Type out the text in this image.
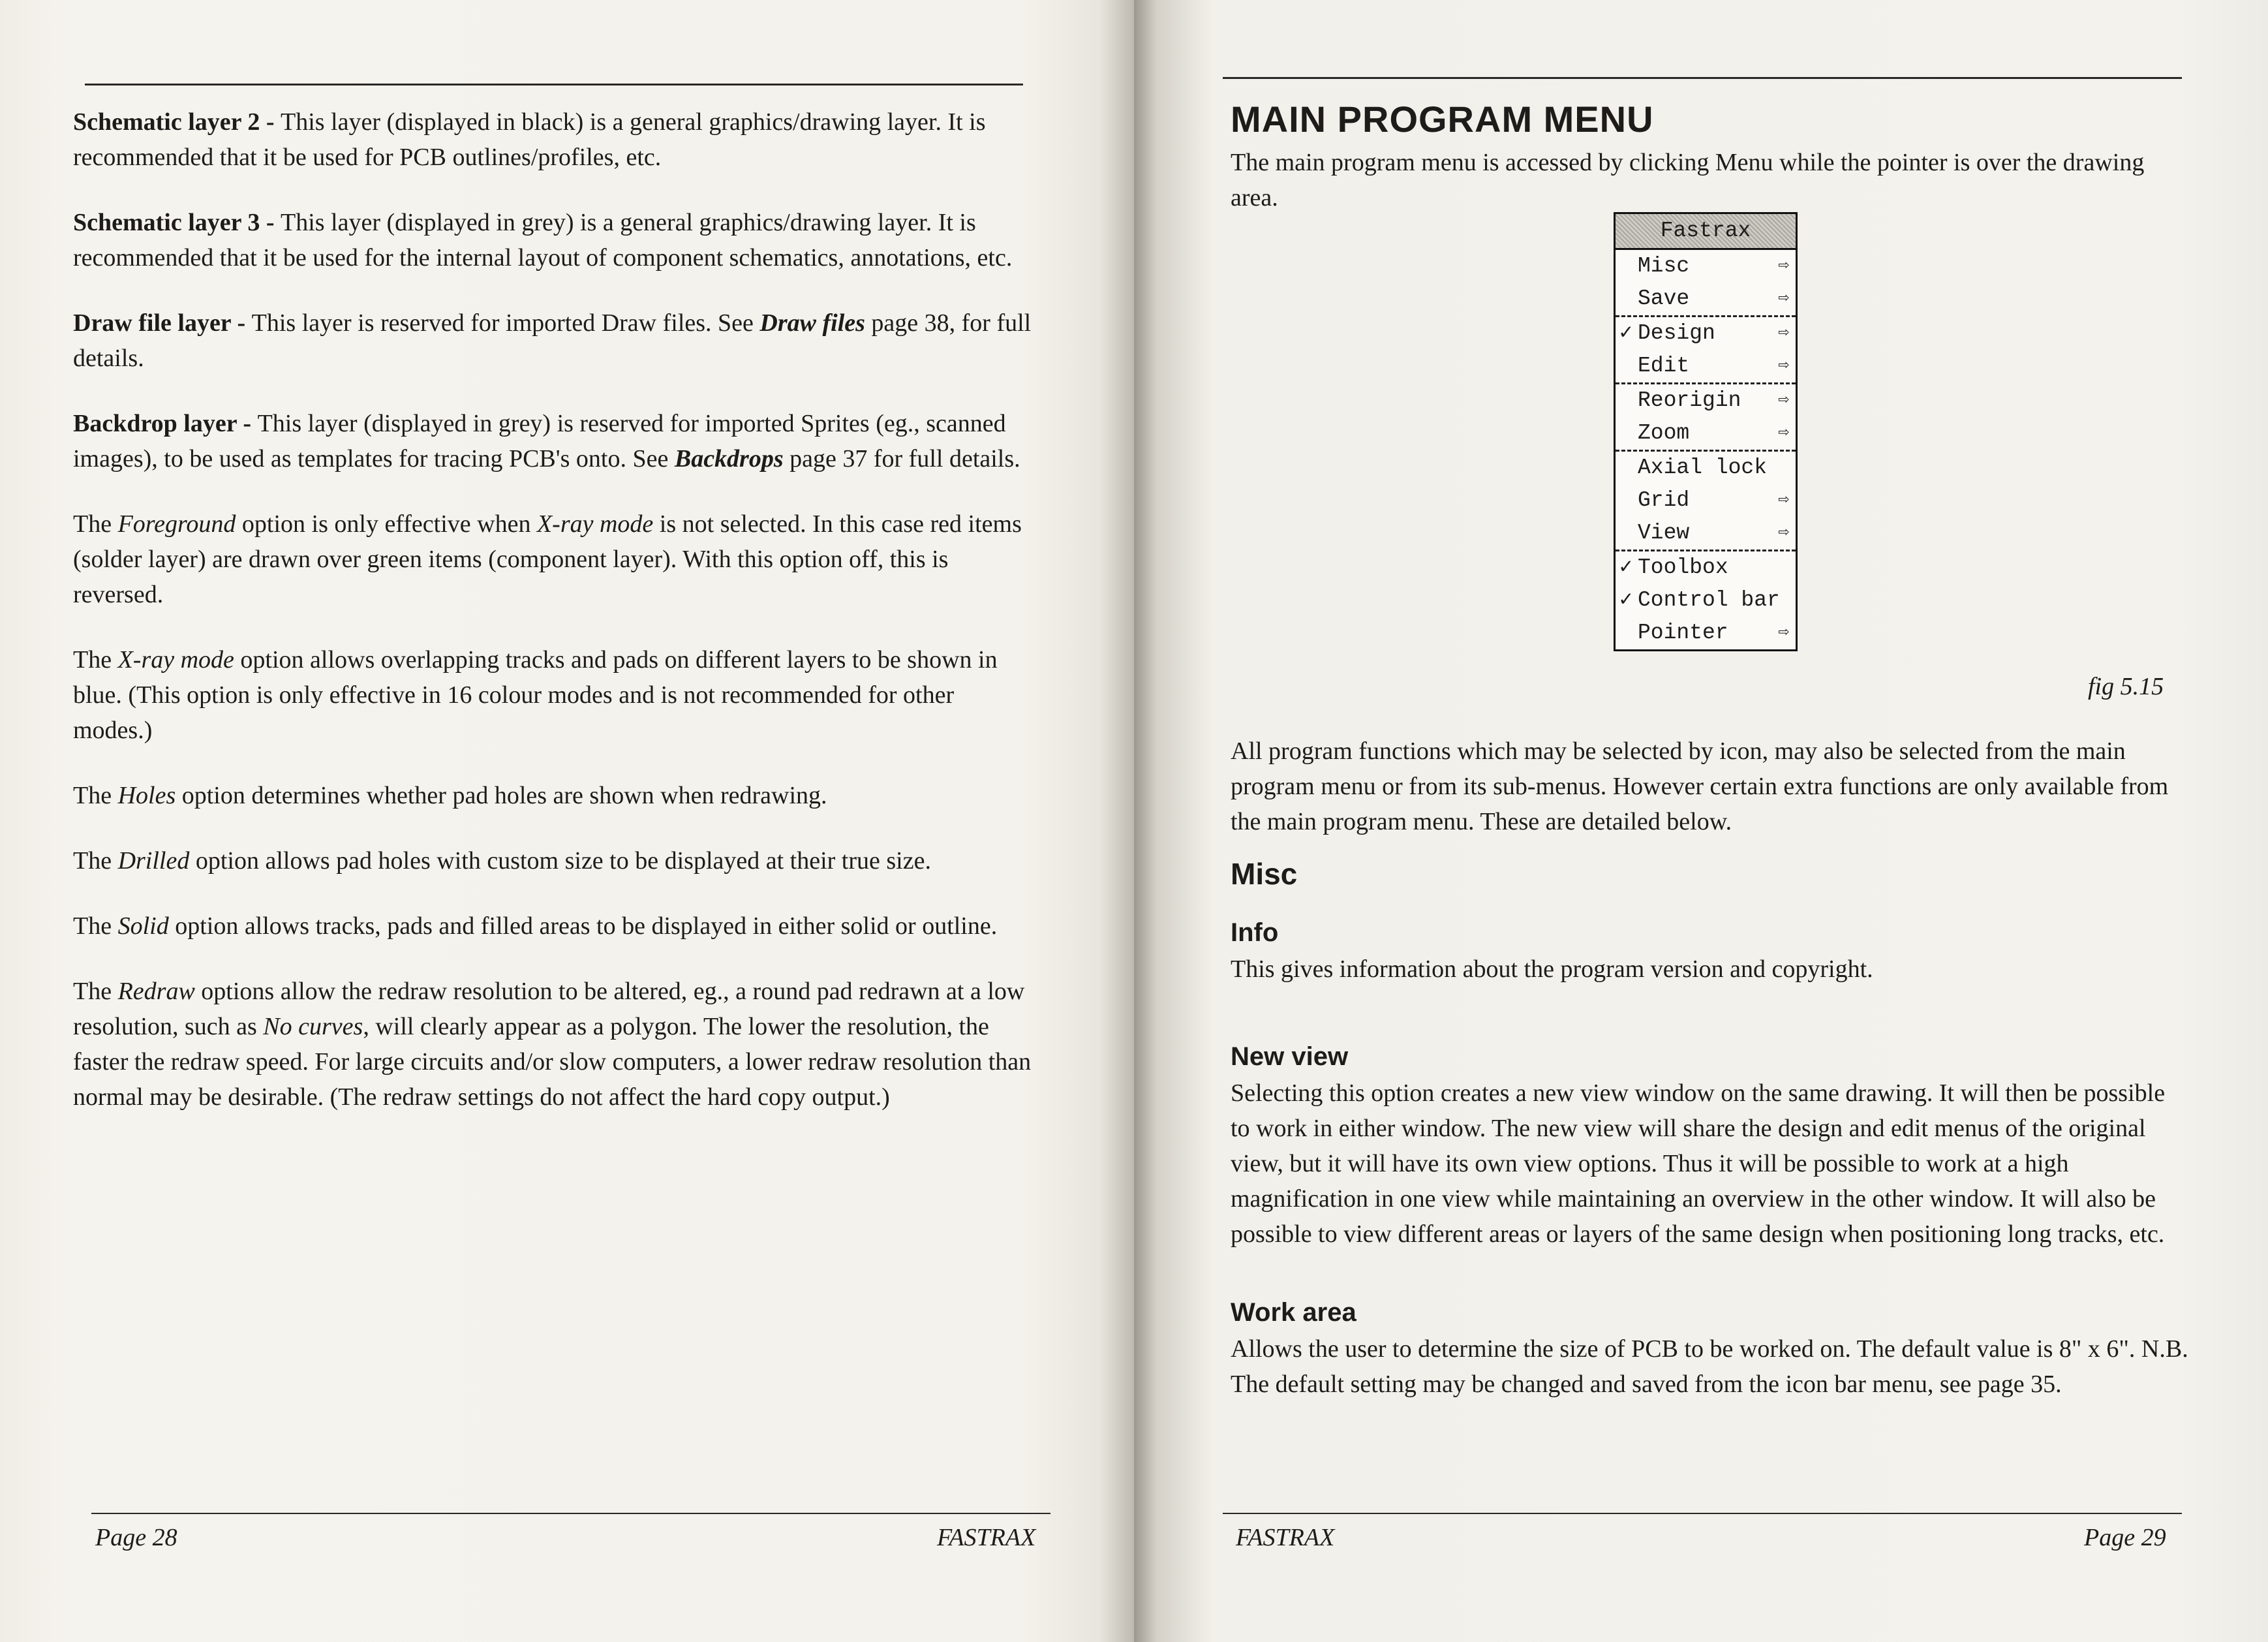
Schematic layer 2 - This layer (displayed in black) is a general graphics/drawing layer. It is recommended that it be used for PCB outlines/profiles, etc.

Schematic layer 3 - This layer (displayed in grey) is a general graphics/drawing layer. It is recommended that it be used for the internal layout of component schematics, annotations, etc.

Draw file layer - This layer is reserved for imported Draw files. See Draw files page 38, for full details.

Backdrop layer - This layer (displayed in grey) is reserved for imported Sprites (eg., scanned images), to be used as templates for tracing PCB's onto. See Backdrops page 37 for full details.

The Foreground option is only effective when X-ray mode is not selected. In this case red items (solder layer) are drawn over green items (component layer). With this option off, this is reversed.

The X-ray mode option allows overlapping tracks and pads on different layers to be shown in blue. (This option is only effective in 16 colour modes and is not recommended for other modes.)

The Holes option determines whether pad holes are shown when redrawing.

The Drilled option allows pad holes with custom size to be displayed at their true size.

The Solid option allows tracks, pads and filled areas to be displayed in either solid or outline.

The Redraw options allow the redraw resolution to be altered, eg., a round pad redrawn at a low resolution, such as No curves, will clearly appear as a polygon. The lower the resolution, the faster the redraw speed. For large circuits and/or slow computers, a lower redraw resolution than normal may be desirable. (The redraw settings do not affect the hard copy output.)

Page 28	FASTRAX
MAIN PROGRAM MENU
The main program menu is accessed by clicking Menu while the pointer is over the drawing area.
Fastrax
Misc	⇨
Save	⇨
✓ Design	⇨
Edit	⇨
Reorigin ⇨
Zoom	⇨
Axial lock
Grid	⇨
View	⇨
✓ Toolbox
✓ Control bar
Pointer	⇨
fig 5.15

All program functions which may be selected by icon, may also be selected from the main program menu or from its sub-menus. However certain extra functions are only available from the main program menu. These are detailed below.

Misc
Info

This gives information about the program version and copyright.

New view

Selecting this option creates a new view window on the same drawing. It will then be possible to work in either window. The new view will share the design and edit menus of the original view, but it will have its own view options. Thus it will be possible to work at a high magnification in one view while maintaining an overview in the other window. It will also be possible to view different areas or layers of the same design when positioning long tracks, etc.

Work area

Allows the user to determine the size of PCB to be worked on. The default value is 8" x 6". N.B. The default setting may be changed and saved from the icon bar menu, see page 35.

FASTRAX	Page 29
